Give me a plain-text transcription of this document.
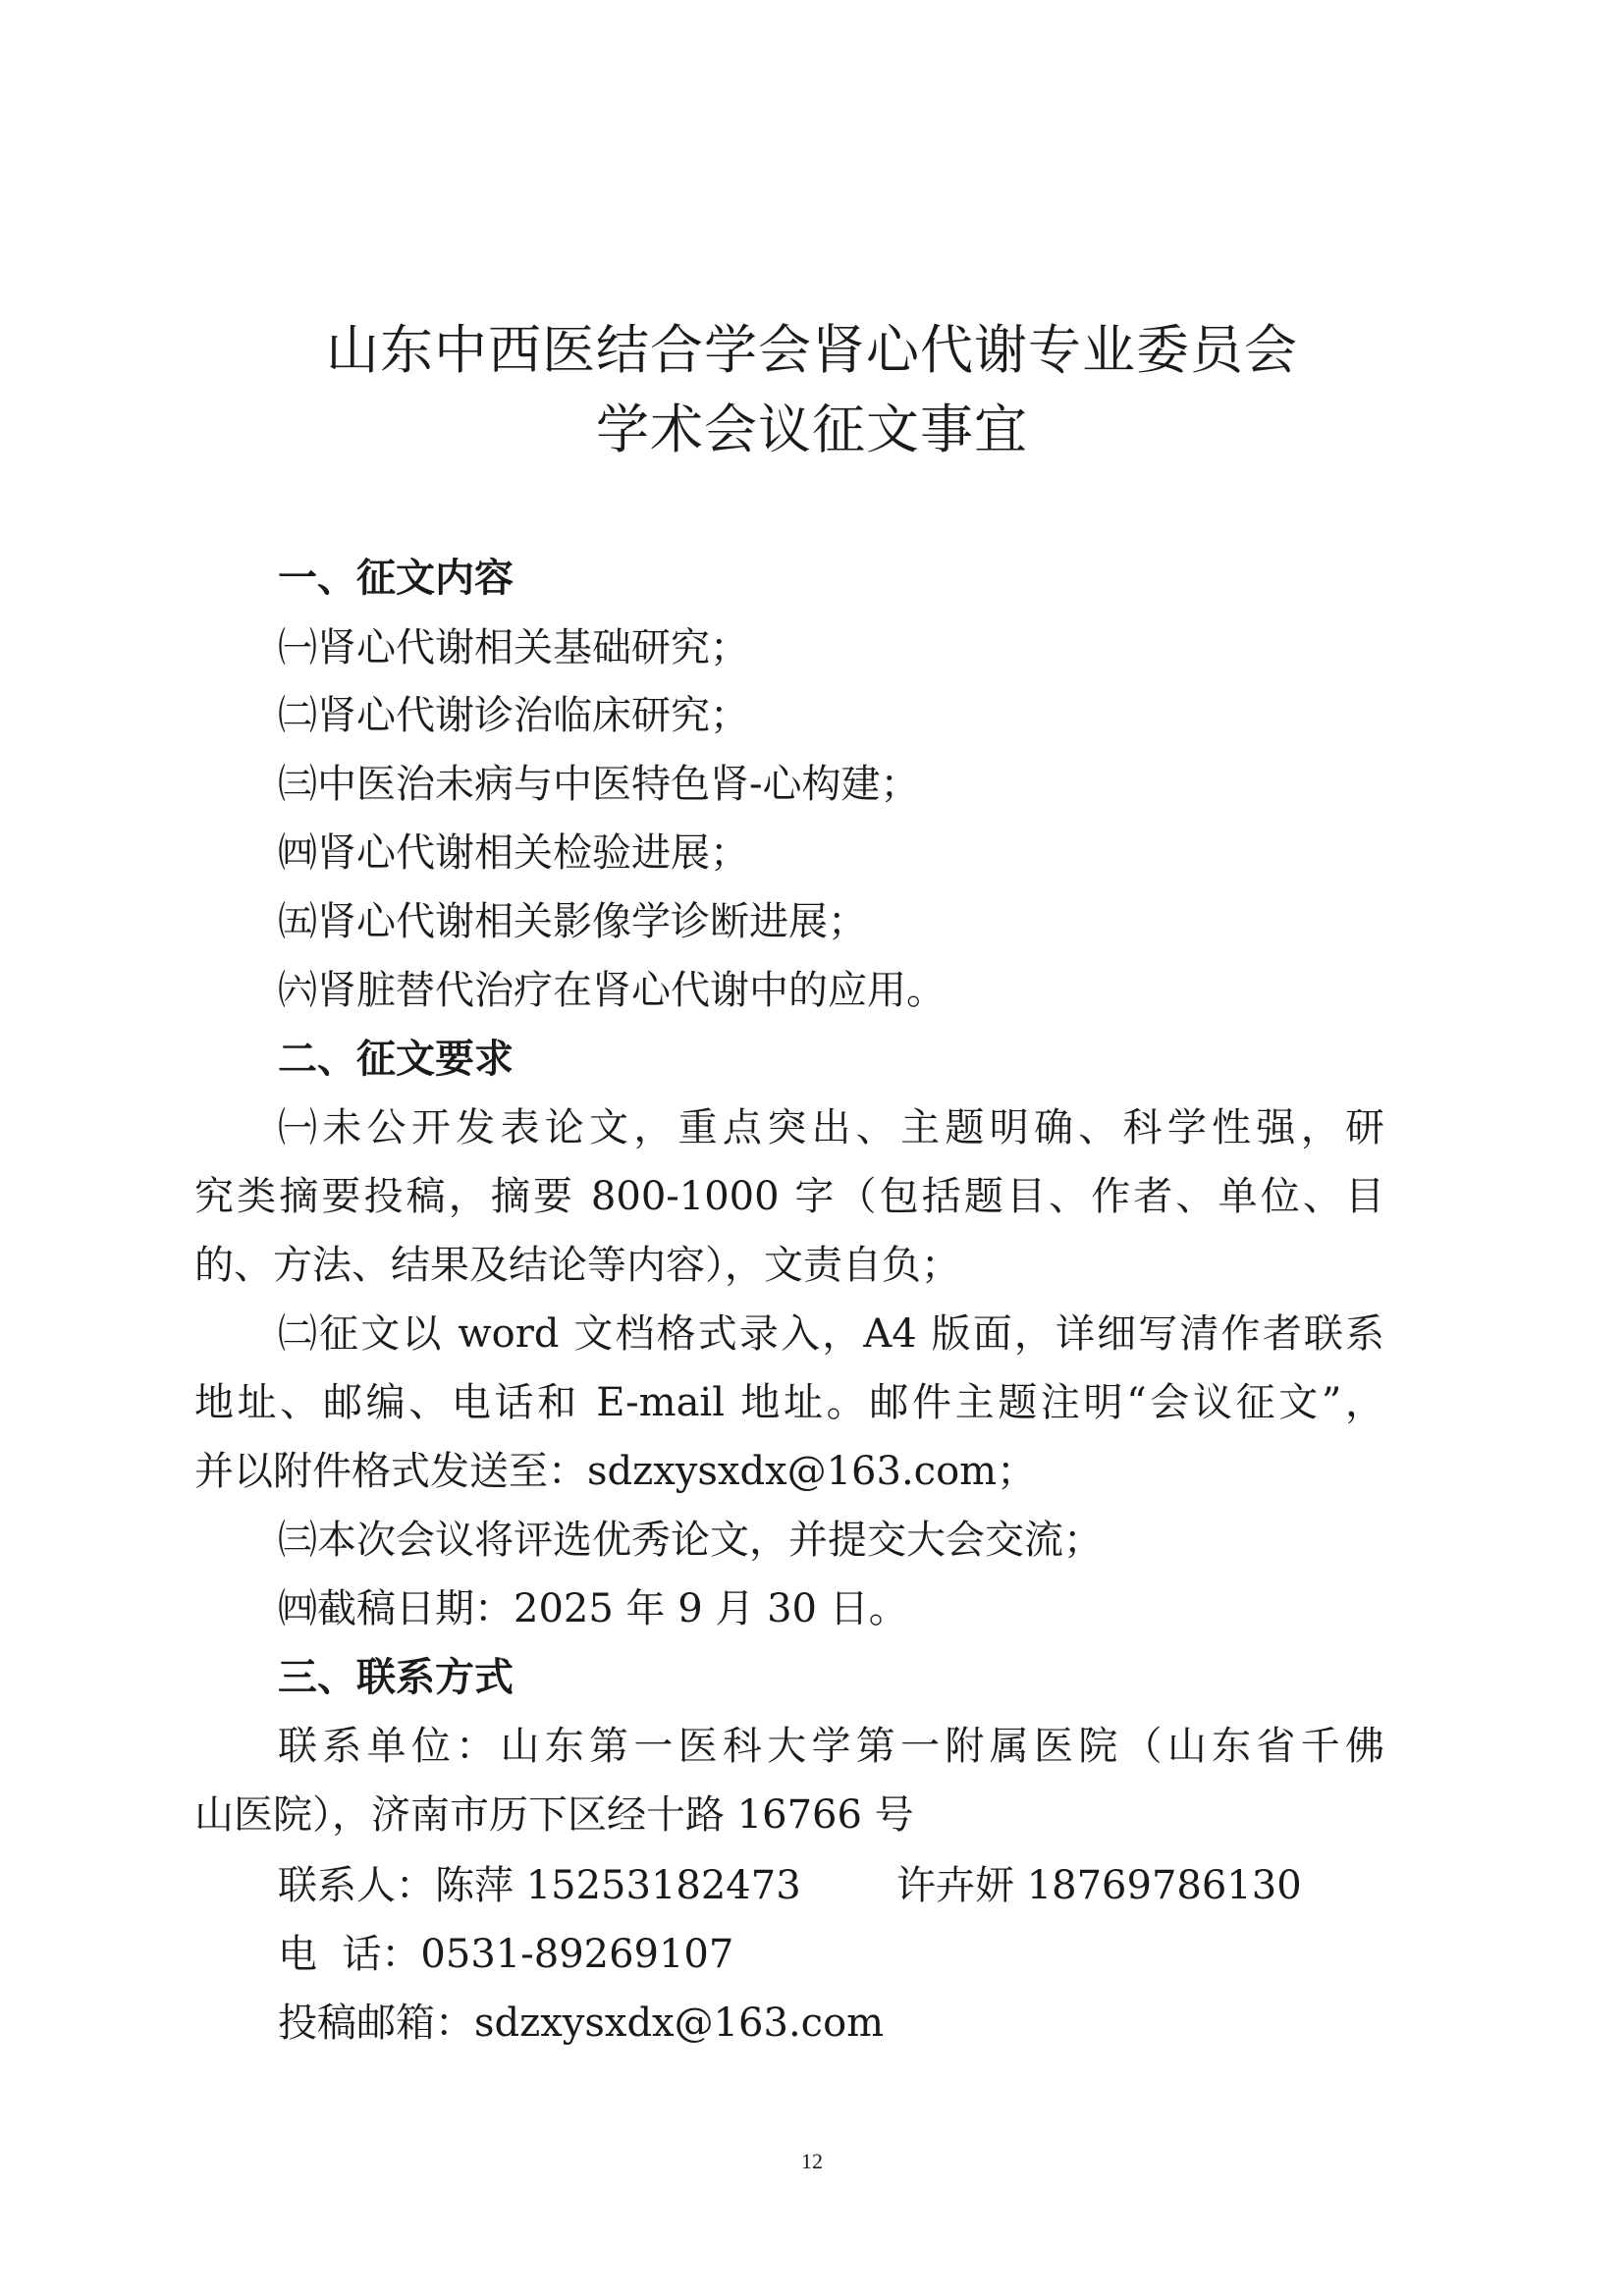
山东中西医结合学会肾心代谢专业委员会
学术会议征文事宜
一、征文内容
㈠肾心代谢相关基础研究；
㈡肾心代谢诊治临床研究；
㈢中医治未病与中医特色肾-心构建；
㈣肾心代谢相关检验进展；
㈤肾心代谢相关影像学诊断进展；
㈥肾脏替代治疗在肾心代谢中的应用。
二、征文要求
㈠未公开发表论文，重点突出、主题明确、科学性强，研
究类摘要投稿，摘要 800-1000 字（包括题目、作者、单位、目
的、方法、结果及结论等内容），文责自负；
㈡征文以 word 文档格式录入，A4 版面，详细写清作者联系
地址、邮编、电话和 E-mail 地址。邮件主题注明“会议征文”，
并以附件格式发送至：sdzxysxdx@163.com；
㈢本次会议将评选优秀论文，并提交大会交流；
㈣截稿日期：2025 年 9 月 30 日。
三、联系方式
联系单位：山东第一医科大学第一附属医院（山东省千佛
山医院），济南市历下区经十路 16766 号
联系人： 陈萍 15253182473 许卉妍 18769786130
电  话：0531-89269107
投稿邮箱：sdzxysxdx@163.com
12
